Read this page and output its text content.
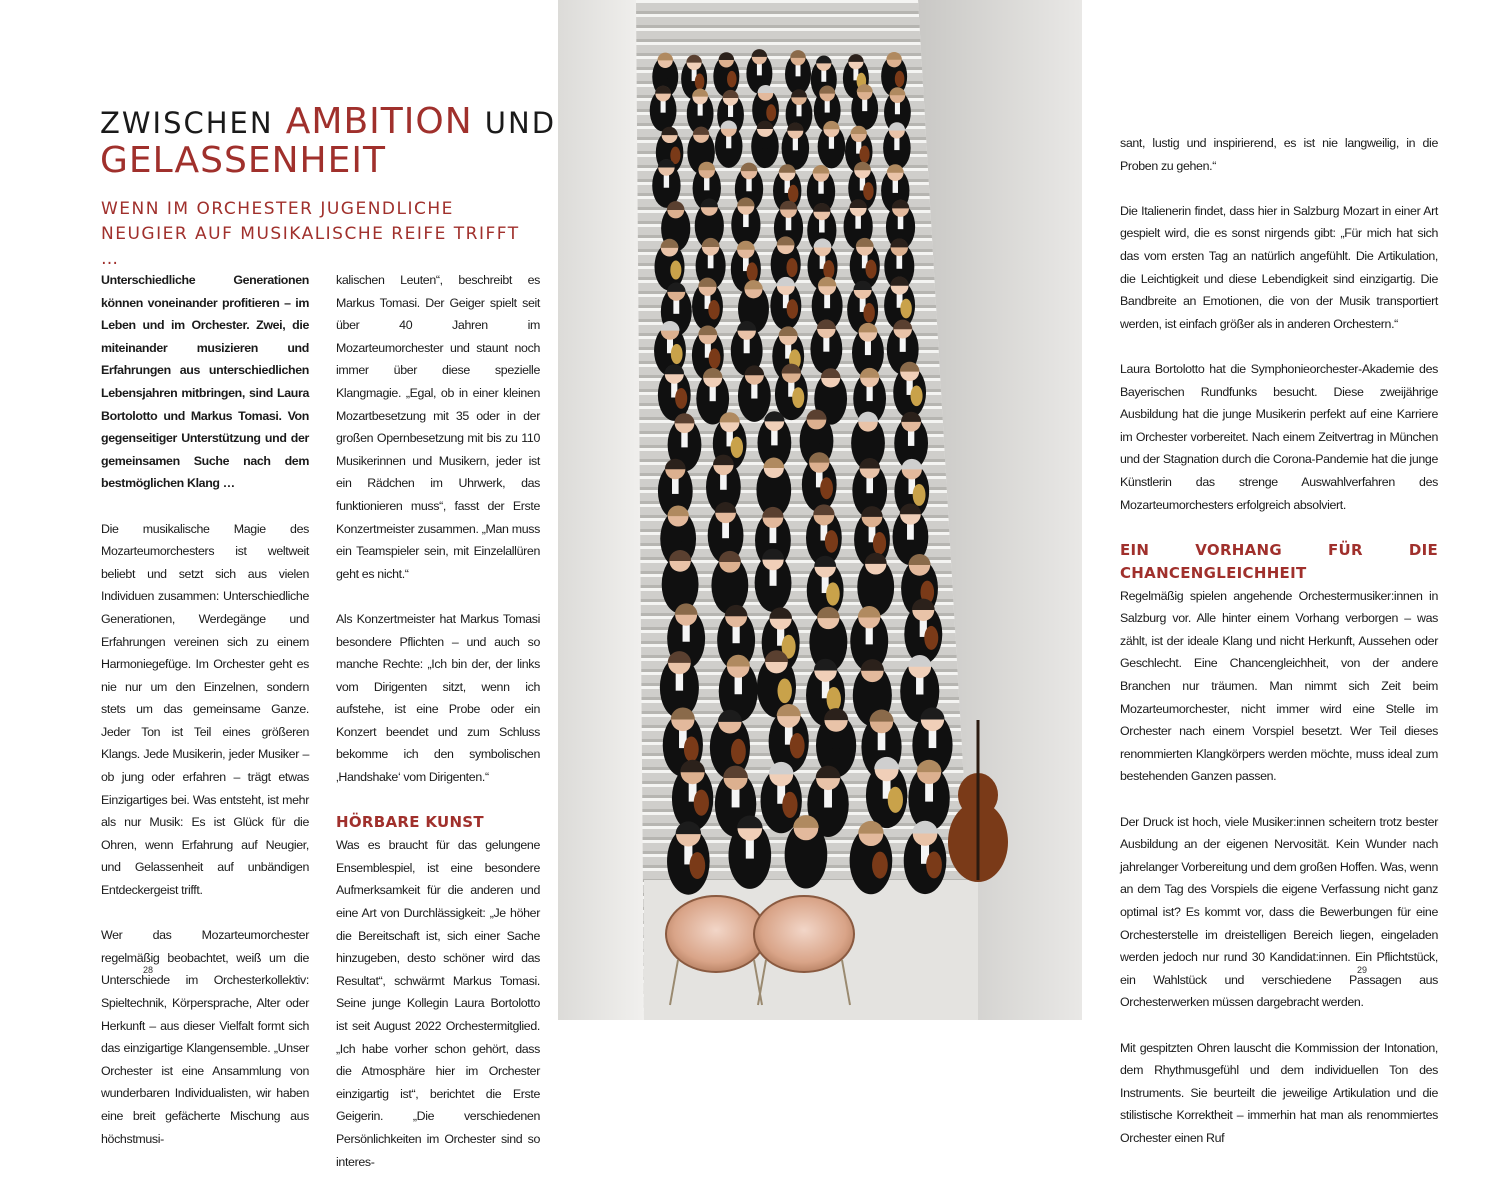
ZWISCHEN AMBITION UND
GELASSENHEIT
WENN IM ORCHESTER JUGENDLICHE
NEUGIER AUF MUSIKALISCHE REIFE TRIFFT …

Unterschiedliche Generationen können voneinander profitieren – im Leben und im Orchester. Zwei, die miteinander musizieren und Erfahrungen aus unterschiedlichen Lebensjahren mitbringen, sind Laura Bortolotto und Markus Tomasi. Von gegenseitiger Unterstützung und der gemeinsamen Suche nach dem bestmöglichen Klang …

Die musikalische Magie des Mozarteumorchesters ist weltweit beliebt und setzt sich aus vielen Individuen zusammen: Unterschiedliche Generationen, Werdegänge und Erfahrungen vereinen sich zu einem Harmoniegefüge. Im Orchester geht es nie nur um den Einzelnen, sondern stets um das gemeinsame Ganze. Jeder Ton ist Teil eines größeren Klangs. Jede Musikerin, jeder Musiker – ob jung oder erfahren – trägt etwas Einzigartiges bei. Was entsteht, ist mehr als nur Musik: Es ist Glück für die Ohren, wenn Erfahrung auf Neugier, und Gelassenheit auf unbändigen Entdeckergeist trifft.

Wer das Mozarteumorchester regelmäßig beobachtet, weiß um die Unterschiede im Orchesterkollektiv: Spieltechnik, Körpersprache, Alter oder Herkunft – aus dieser Vielfalt formt sich das einzigartige Klangensemble. „Unser Orchester ist eine Ansammlung von wunderbaren Individualisten, wir haben eine breit gefächerte Mischung aus höchstmusi-

kalischen Leuten“, beschreibt es Markus Tomasi. Der Geiger spielt seit über 40 Jahren im Mozarteumorchester und staunt noch immer über diese spezielle Klangmagie. „Egal, ob in einer kleinen Mozartbesetzung mit 35 oder in der großen Opernbesetzung mit bis zu 110 Musikerinnen und Musikern, jeder ist ein Rädchen im Uhrwerk, das funktionieren muss“, fasst der Erste Konzertmeister zusammen. „Man muss ein Teamspieler sein, mit Einzelallüren geht es nicht.“

Als Konzertmeister hat Markus Tomasi besondere Pflichten – und auch so manche Rechte: „Ich bin der, der links vom Dirigenten sitzt, wenn ich aufstehe, ist eine Probe oder ein Konzert beendet und zum Schluss bekomme ich den symbolischen ‚Handshake‘ vom Dirigenten.“

HÖRBARE KUNST

Was es braucht für das gelungene Ensemblespiel, ist eine besondere Aufmerksamkeit für die anderen und eine Art von Durchlässigkeit: „Je höher die Bereitschaft ist, sich einer Sache hinzugeben, desto schöner wird das Resultat“, schwärmt Markus Tomasi. Seine junge Kollegin Laura Bortolotto ist seit August 2022 Orchestermitglied. „Ich habe vorher schon gehört, dass die Atmosphäre hier im Orchester einzigartig ist“, berichtet die Erste Geigerin. „Die verschiedenen Persönlichkeiten im Orchester sind so interes-

28

sant, lustig und inspirierend, es ist nie langweilig, in die Proben zu gehen.“

Die Italienerin findet, dass hier in Salzburg Mozart in einer Art gespielt wird, die es sonst nirgends gibt: „Für mich hat sich das vom ersten Tag an natürlich angefühlt. Die Artikulation, die Leichtigkeit und diese Lebendigkeit sind einzigartig. Die Bandbreite an Emotionen, die von der Musik transportiert werden, ist einfach größer als in anderen Orchestern.“

Laura Bortolotto hat die Symphonieorchester-Akademie des Bayerischen Rundfunks besucht. Diese zweijährige Ausbildung hat die junge Musikerin perfekt auf eine Karriere im Orchester vorbereitet. Nach einem Zeitvertrag in München und der Stagnation durch die Corona-Pandemie hat die junge Künstlerin das strenge Auswahlverfahren des Mozarteumorchesters erfolgreich absolviert.

EIN VORHANG FÜR DIE CHANCENGLEICHHEIT

Regelmäßig spielen angehende Orchestermusiker:innen in Salzburg vor. Alle hinter einem Vorhang verborgen – was zählt, ist der ideale Klang und nicht Herkunft, Aussehen oder Geschlecht. Eine Chancengleichheit, von der andere Branchen nur träumen. Man nimmt sich Zeit beim Mozarteumorchester, nicht immer wird eine Stelle im Orchester nach einem Vorspiel besetzt. Wer Teil dieses renommierten Klangkörpers werden möchte, muss ideal zum bestehenden Ganzen passen.

Der Druck ist hoch, viele Musiker:innen scheitern trotz bester Ausbildung an der eigenen Nervosität. Kein Wunder nach jahrelanger Vorbereitung und dem großen Hoffen. Was, wenn an dem Tag des Vorspiels die eigene Verfassung nicht ganz optimal ist? Es kommt vor, dass die Bewerbungen für eine Orchesterstelle im dreistelligen Bereich liegen, eingeladen werden jedoch nur rund 30 Kandidat:innen. Ein Pflichtstück, ein Wahlstück und verschiedene Passagen aus Orchesterwerken müssen dargebracht werden.

Mit gespitzten Ohren lauscht die Kommission der Intonation, dem Rhythmusgefühl und dem individuellen Ton des Instruments. Sie beurteilt die jeweilige Artikulation und die stilistische Korrektheit – immerhin hat man als renommiertes Orchester einen Ruf

29
